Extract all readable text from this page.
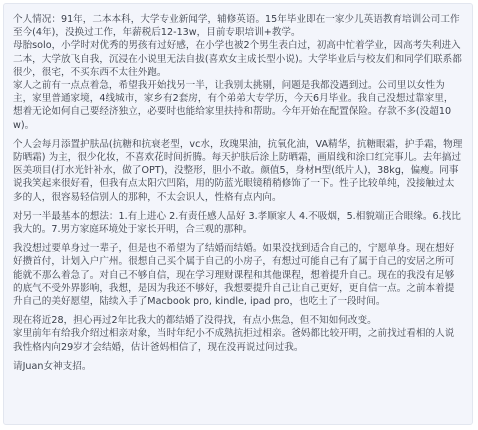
个人情况：91年，二本本科，大学专业新闻学，辅修英语。15年毕业即在一家少儿英语教育培训公司工作至今(4年)，没换过工作，年薪税后12-13w，目前专职培训+教学。
母胎solo，小学时对优秀的男孩有过好感，在小学也被2个男生表白过，初高中忙着学业，因高考失利进入二本，大学放飞自我，沉浸在小说里无法自拔(喜欢女主成长型小说)。大学毕业后与校友们和同学们联系都很少，很宅，不买东西不太往外跑。
家人之前有一点点着急，希望我开始找另一半，让我别太挑剔，问题是我都没遇到过。公司里以女性为主，家里普通家境，4线城市，家乡有2套房，有个弟弟大专学历，今天6月毕业。我自己没想过靠家里，想着无论如何自己要经济独立，必要时也能给家里扶持和帮助。今年开始在配置保险。存款不多(没超10w)。

个人会每月添置护肤品(抗糖和抗衰老型，vc水，玫瑰果油，抗氧化油，VA精华，抗糖眼霜，护手霜，物理防晒霜) 为主，很少化妆，不喜欢花时间折腾。每天护肤后涂上防晒霜，画眉线和涂口红完事儿。去年搞过医美项目(打水光针补水，做了OPT)，没整形，胆小不敢。颜值5，身材H型(纸片人)，38kg，偏瘦。同事说我笑起来很好看，但我有点太阳穴凹陷，用的防蓝光眼镜稍稍修饰了一下。性子比较单纯，没接触过太多的人，很容易轻信别人的那种，不太会识人，性格有点内向。

对另一半最基本的想法：1.有上进心 2.有责任感人品好 3.孝顺家人 4.不吸烟，5.相貌端正合眼缘。6.找比我大的。7.男方家庭环境处于家长开明，合三观的那种。

我没想过要单身过一辈子，但是也不希望为了结婚而结婚。如果没找到适合自己的，宁愿单身。现在想好好攒首付，计划入户广州。很想自己买个属于自己的小房子，有想过可能自己有了属于自己的安居之所可能就不那么着急了。对自己不够自信，现在学习理财课程和其他课程，想着提升自己。现在的我没有足够的底气不受外界影响，我想，是因为我还不够好，我想要提升自己让自己更好，更自信一点。之前本着提升自己的美好愿望，陆续入手了Macbook pro, kindle, ipad pro，也吃土了一段时间。

现在将近28，担心再过2年比我大的都结婚了没得找，有点小焦急，但不知如何改变。
家里前年有给我介绍过相亲对象，当时年纪小不成熟抗拒过相亲。爸妈都比较开明，之前找过看相的人说我性格内向29岁才会结婚，估计爸妈相信了，现在没再说过问过我。

请Juan女神支招。
